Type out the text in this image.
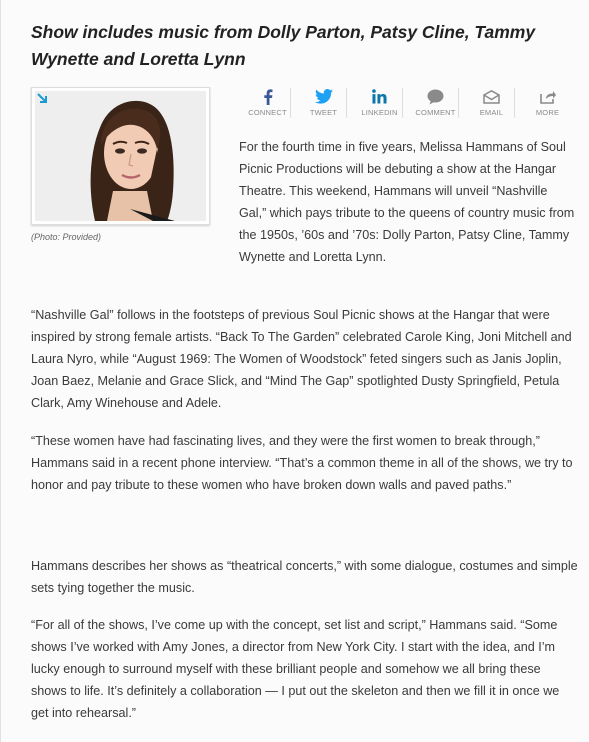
Show includes music from Dolly Parton, Patsy Cline, Tammy Wynette and Loretta Lynn
(Photo: Provided)
CONNECT	TWEET	LINKEDIN COMMENT	EMAIL	MORE

For the fourth time in five years, Melissa Hammans of Soul Picnic Productions will be debuting a show at the Hangar Theatre. This weekend, Hammans will unveil “Nashville Gal,” which pays tribute to the queens of country music from the 1950s, ’60s and ’70s: Dolly Parton, Patsy Cline, Tammy Wynette and Loretta Lynn.

“Nashville Gal” follows in the footsteps of previous Soul Picnic shows at the Hangar that were inspired by strong female artists. “Back To The Garden” celebrated Carole King, Joni Mitchell and Laura Nyro, while “August 1969: The Women of Woodstock” feted singers such as Janis Joplin, Joan Baez, Melanie and Grace Slick, and “Mind The Gap” spotlighted Dusty Springfield, Petula Clark, Amy Winehouse and Adele.

“These women have had fascinating lives, and they were the first women to break through,” Hammans said in a recent phone interview. “That’s a common theme in all of the shows, we try to honor and pay tribute to these women who have broken down walls and paved paths.”

Hammans describes her shows as “theatrical concerts,” with some dialogue, costumes and simple sets tying together the music.

“For all of the shows, I’ve come up with the concept, set list and script,” Hammans said. “Some shows I’ve worked with Amy Jones, a director from New York City. I start with the idea, and I’m lucky enough to surround myself with these brilliant people and somehow we all bring these shows to life. It’s definitely a collaboration — I put out the skeleton and then we fill it in once we get into rehearsal.”
